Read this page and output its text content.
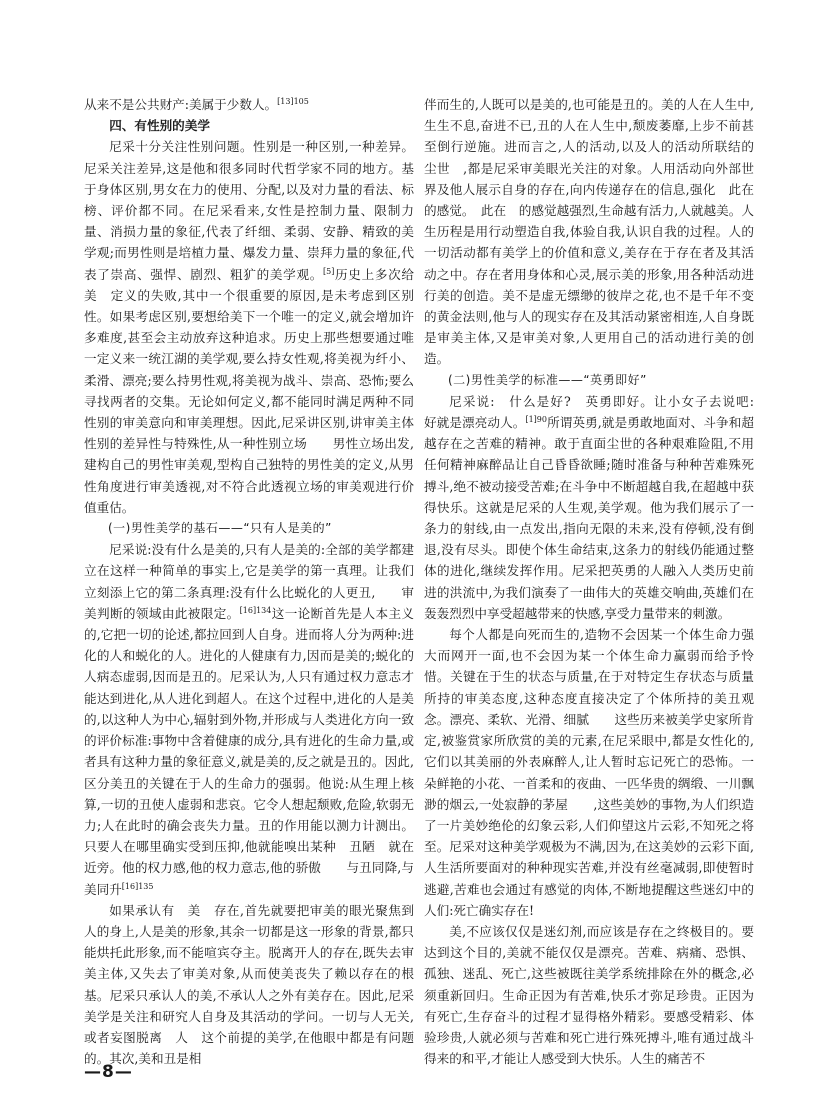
从来不是公共财产:美属于少数人。$^{[13]105}$

四、有性别的美学

尼采十分关注性别问题。性别是一种区别,一种差异。尼采关注差异,这是他和很多同时代哲学家不同的地方。基于身体区别,男女在力的使用、分配,以及对力量的看法、标榜、评价都不同。在尼采看来,女性是控制力量、限制力量、消损力量的象征,代表了纤细、柔弱、安静、精致的美学观;而男性则是培植力量、爆发力量、崇拜力量的象征,代表了崇高、强悍、剧烈、粗犷的美学观。[5]历史上多次给　美　定义的失败,其中一个很重要的原因,是未考虑到区别性。如果考虑区别,要想给美下一个唯一的定义,就会增加许多难度,甚至会主动放弃这种追求。历史上那些想要通过唯一定义来一统江湖的美学观,要么持女性观,将美视为纤小、柔滑、漂亮;要么持男性观,将美视为战斗、崇高、恐怖;要么寻找两者的交集。无论如何定义,都不能同时满足两种不同性别的审美意向和审美理想。因此,尼采讲区别,讲审美主体性别的差异性与特殊性,从一种性别立场　　男性立场出发,建构自己的男性审美观,型构自己独特的男性美的定义,从男性角度进行审美透视,对不符合此透视立场的审美观进行价值重估。

(一)男性美学的基石——“只有人是美的”

尼采说:没有什么是美的,只有人是美的:全部的美学都建立在这样一种简单的事实上,它是美学的第一真理。让我们立刻添上它的第二条真理:没有什么比蜕化的人更丑,　　审美判断的领域由此被限定。$^{[16]134}$这一论断首先是人本主义的,它把一切的论述,都拉回到人自身。进而将人分为两种:进化的人和蜕化的人。进化的人健康有力,因而是美的;蜕化的人病态虚弱,因而是丑的。尼采认为,人只有通过权力意志才能达到进化,从人进化到超人。在这个过程中,进化的人是美的,以这种人为中心,辐射到外物,并形成与人类进化方向一致的评价标准:事物中含着健康的成分,具有进化的生命力量,或者具有这种力量的象征意义,就是美的,反之就是丑的。因此,区分美丑的关键在于人的生命力的强弱。他说:从生理上核算,一切的丑使人虚弱和悲哀。它令人想起颓败,危险,软弱无力;人在此时的确会丧失力量。丑的作用能以测力计测出。只要人在哪里确实受到压抑,他就能嗅出某种　丑陋　就在近旁。他的权力感,他的权力意志,他的骄傲　　与丑同降,与美同升$^{[16]135}$

如果承认有　美　存在,首先就要把审美的眼光聚焦到人的身上,人是美的形象,其余一切都是这一形象的背景,都只能烘托此形象,而不能喧宾夺主。脱离开人的存在,既失去审美主体,又失去了审美对象,从而使美丧失了赖以存在的根基。尼采只承认人的美,不承认人之外有美存在。因此,尼采美学是关注和研究人自身及其活动的学问。一切与人无关,或者妄图脱离　人　这个前提的美学,在他眼中都是有问题的。其次,美和丑是相

伴而生的,人既可以是美的,也可能是丑的。美的人在人生中,生生不息,奋进不已,丑的人在人生中,颓废萎靡,上步不前甚至倒行逆施。进而言之,人的活动,以及人的活动所联结的　尘世　,都是尼采审美眼光关注的对象。人用活动向外部世界及他人展示自身的存在,向内传递存在的信息,强化　此在　的感觉。　此在　的感觉越强烈,生命越有活力,人就越美。人生历程是用行动塑造自我,体验自我,认识自我的过程。人的一切活动都有美学上的价值和意义,美存在于存在者及其活动之中。存在者用身体和心灵,展示美的形象,用各种活动进行美的创造。美不是虚无缥缈的彼岸之花,也不是千年不变的黄金法则,他与人的现实存在及其活动紧密相连,人自身既是审美主体,又是审美对象,人更用自己的活动进行美的创造。

(二)男性美学的标准——“英勇即好”

尼采说:　什么是好?　英勇即好。让小女子去说吧:　好就是漂亮动人。$^{[1]90}$所谓英勇,就是勇敢地面对、斗争和超越存在之苦难的精神。敢于直面尘世的各种艰难险阻,不用任何精神麻醉品让自己昏昏欲睡;随时准备与种种苦难殊死搏斗,绝不被动接受苦难;在斗争中不断超越自我,在超越中获得快乐。这就是尼采的人生观,美学观。他为我们展示了一条力的射线,由一点发出,指向无限的未来,没有停顿,没有倒退,没有尽头。即使个体生命结束,这条力的射线仍能通过整体的进化,继续发挥作用。尼采把英勇的人融入人类历史前进的洪流中,为我们演奏了一曲伟大的英雄交响曲,英雄们在轰轰烈烈中享受超越带来的快感,享受力量带来的刺激。

每个人都是向死而生的,造物不会因某一个体生命力强大而网开一面,也不会因为某一个体生命力赢弱而给予怜惜。关键在于生的状态与质量,在于对特定生存状态与质量所持的审美态度,这种态度直接决定了个体所持的美丑观念。漂亮、柔软、光滑、细腻　　这些历来被美学史家所肯定,被鉴赏家所欣赏的美的元素,在尼采眼中,都是女性化的,它们以其美丽的外表麻醉人,让人暂时忘记死亡的恐怖。一朵鲜艳的小花、一首柔和的夜曲、一匹华贵的绸缎、一川飘渺的烟云,一处寂静的茅屋　　,这些美妙的事物,为人们织造了一片美妙绝伦的幻象云彩,人们仰望这片云彩,不知死之将至。尼采对这种美学观极为不满,因为,在这美妙的云彩下面,人生活所要面对的种种现实苦难,并没有丝毫减弱,即使暂时逃避,苦难也会通过有感觉的肉体,不断地提醒这些迷幻中的人们:死亡确实存在!

美,不应该仅仅是迷幻剂,而应该是存在之终极目的。要达到这个目的,美就不能仅仅是漂亮。苦难、病痛、恐惧、孤独、迷乱、死亡,这些被既往美学系统排除在外的概念,必须重新回归。生命正因为有苦难,快乐才弥足珍贵。正因为有死亡,生存奋斗的过程才显得格外精彩。要感受精彩、体验珍贵,人就必须与苦难和死亡进行殊死搏斗,唯有通过战斗得来的和平,才能让人感受到大快乐。人生的痛苦不

—8—
